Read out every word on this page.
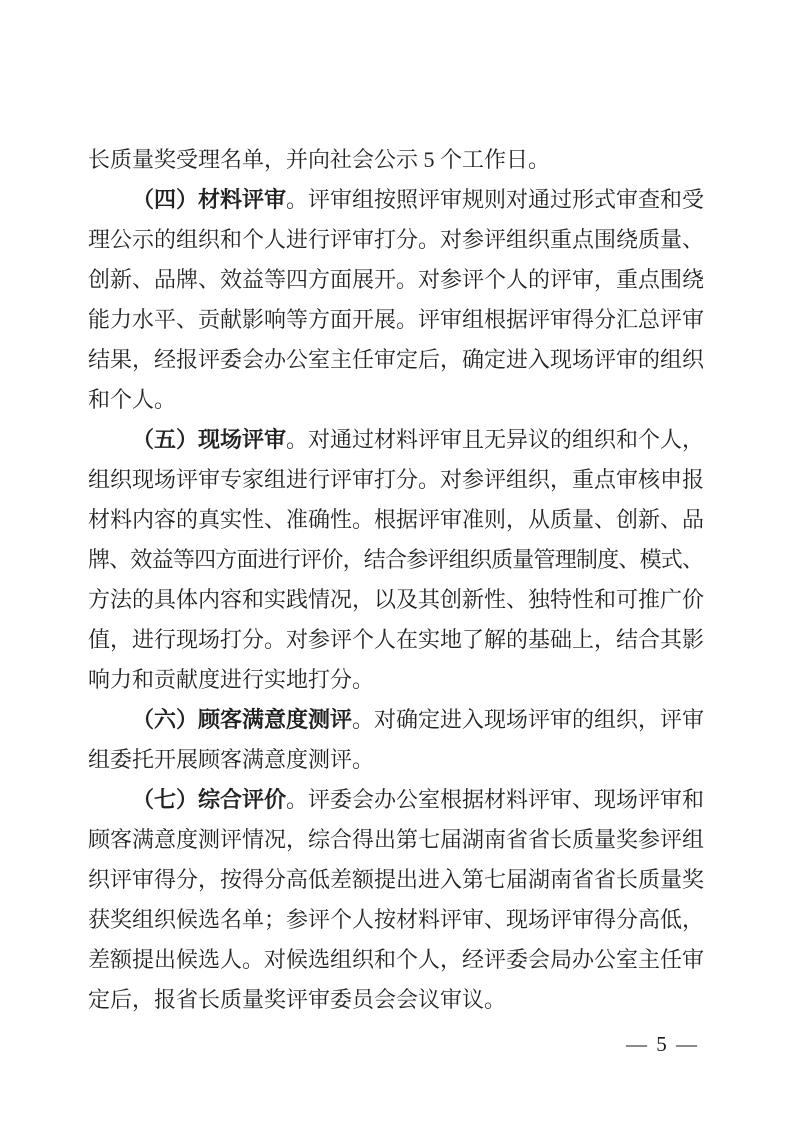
长质量奖受理名单，并向社会公示 5 个工作日。
（四）材料评审。评审组按照评审规则对通过形式审查和受
理公示的组织和个人进行评审打分。对参评组织重点围绕质量、
创新、品牌、效益等四方面展开。对参评个人的评审，重点围绕
能力水平、贡献影响等方面开展。评审组根据评审得分汇总评审
结果，经报评委会办公室主任审定后，确定进入现场评审的组织
和个人。
（五）现场评审。对通过材料评审且无异议的组织和个人，
组织现场评审专家组进行评审打分。对参评组织，重点审核申报
材料内容的真实性、准确性。根据评审准则，从质量、创新、品
牌、效益等四方面进行评价，结合参评组织质量管理制度、模式、
方法的具体内容和实践情况，以及其创新性、独特性和可推广价
值，进行现场打分。对参评个人在实地了解的基础上，结合其影
响力和贡献度进行实地打分。
（六）顾客满意度测评。对确定进入现场评审的组织，评审
组委托开展顾客满意度测评。
（七）综合评价。评委会办公室根据材料评审、现场评审和
顾客满意度测评情况，综合得出第七届湖南省省长质量奖参评组
织评审得分，按得分高低差额提出进入第七届湖南省省长质量奖
获奖组织候选名单；参评个人按材料评审、现场评审得分高低，
差额提出候选人。对候选组织和个人，经评委会局办公室主任审
定后，报省长质量奖评审委员会会议审议。
— 5 —
